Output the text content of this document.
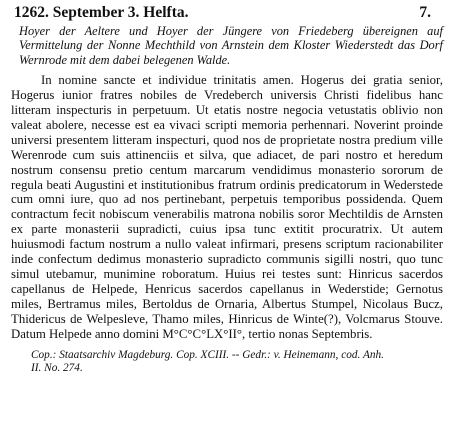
1262. September 3. Helfta.	7.
Hoyer der Aeltere und Hoyer der Jüngere von Friedeberg übereignen auf Vermittelung der Nonne Mechthild von Arnstein dem Kloster Wiederstedt das Dorf Wernrode mit dem dabei belegenen Walde.
In nomine sancte et individue trinitatis amen. Hogerus dei gratia senior, Hogerus iunior fratres nobiles de Vredeberch universis Christi fidelibus hanc litteram inspecturis in perpetuum. Ut etatis nostre negocia vetustatis oblivio non valeat abolere, necesse est ea vivaci scripti memoria perhennari. Noverint proinde universi presentem litteram inspecturi, quod nos de proprietate nostra predium ville Werenrode cum suis attinenciis et silva, que adiacet, de pari nostro et heredum nostrum consensu pretio centum marcarum vendidimus monasterio sororum de regula beati Augustini et institutionibus fratrum ordinis predicatorum in Wederstede cum omni iure, quo ad nos pertinebant, perpetuis temporibus possidenda. Quem contractum fecit nobiscum venerabilis matrona nobilis soror Mechtildis de Arnsten ex parte monasterii supradicti, cuius ipsa tunc extitit procuratrix. Ut autem huiusmodi factum nostrum a nullo valeat infirmari, presens scriptum racionabiliter inde confectum dedimus monasterio supradicto communis sigilli nostri, quo tunc simul utebamur, munimine roboratum. Huius rei testes sunt: Hinricus sacerdos capellanus de Helpede, Henricus sacerdos capellanus in Wederstide; Gernotus miles, Bertramus miles, Bertoldus de Ornaria, Albertus Stumpel, Nicolaus Bucz, Thidericus de Welpesleve, Thamo miles, Hinricus de Winte(?), Volcmarus Stouve. Datum Helpede anno domini M°C°C°LX°II°, tertio nonas Septembris.
Cop.: Staatsarchiv Magdeburg. Cop. XCIII. -- Gedr.: v. Heinemann, cod. Anh.
II. No. 274.
